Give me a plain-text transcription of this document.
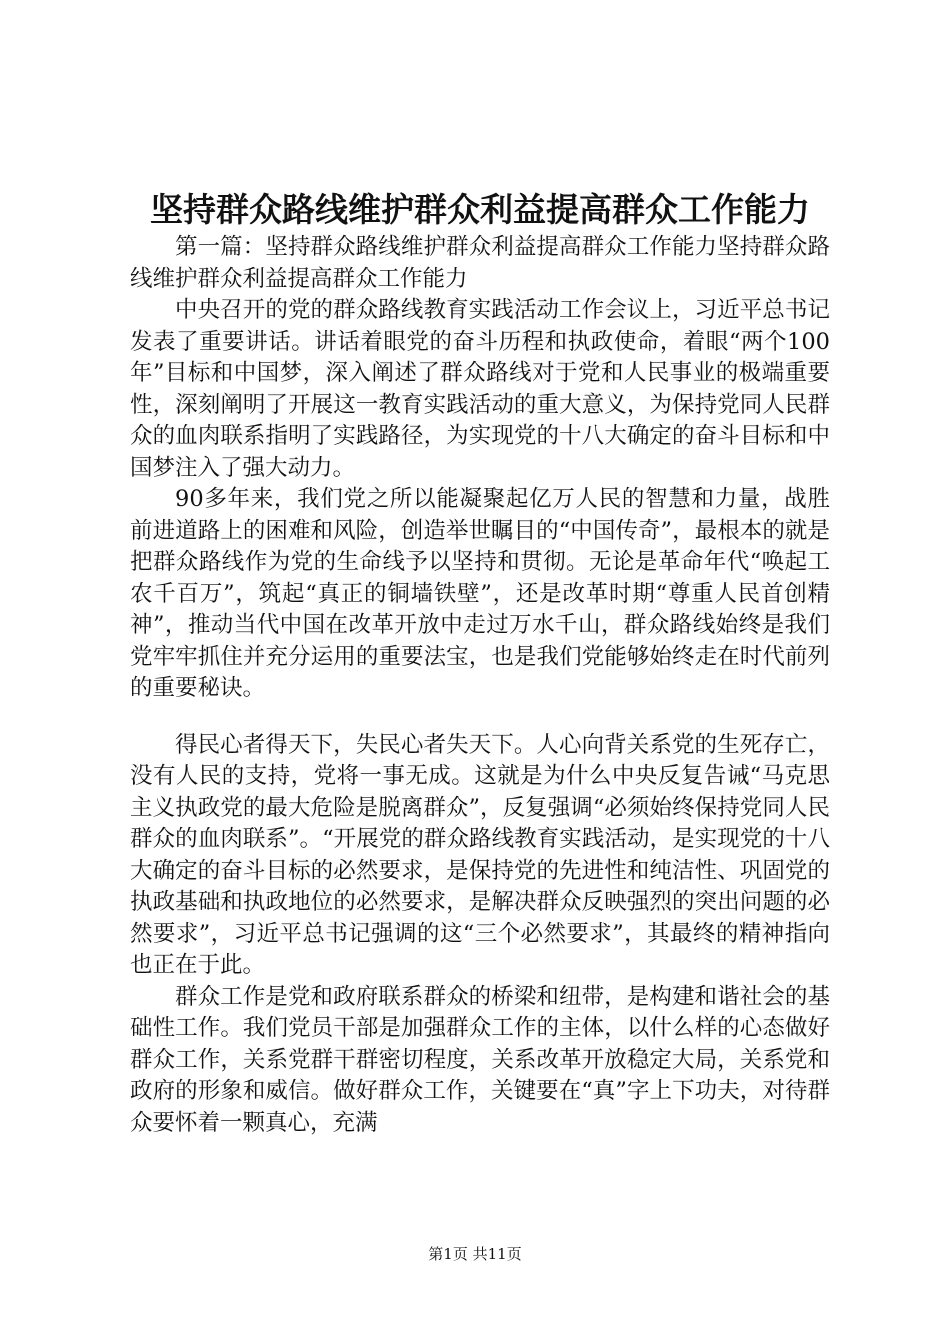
坚持群众路线维护群众利益提高群众工作能力

第一篇：坚持群众路线维护群众利益提高群众工作能力坚持群众路线维护群众利益提高群众工作能力

中央召开的党的群众路线教育实践活动工作会议上，习近平总书记发表了重要讲话。讲话着眼党的奋斗历程和执政使命，着眼“两个100年”目标和中国梦，深入阐述了群众路线对于党和人民事业的极端重要性，深刻阐明了开展这一教育实践活动的重大意义，为保持党同人民群众的血肉联系指明了实践路径，为实现党的十八大确定的奋斗目标和中国梦注入了强大动力。

90多年来，我们党之所以能凝聚起亿万人民的智慧和力量，战胜前进道路上的困难和风险，创造举世瞩目的“中国传奇”，最根本的就是把群众路线作为党的生命线予以坚持和贯彻。无论是革命年代“唤起工农千百万”，筑起“真正的铜墙铁壁”，还是改革时期“尊重人民首创精神”，推动当代中国在改革开放中走过万水千山，群众路线始终是我们党牢牢抓住并充分运用的重要法宝，也是我们党能够始终走在时代前列的重要秘诀。

得民心者得天下，失民心者失天下。人心向背关系党的生死存亡，没有人民的支持，党将一事无成。这就是为什么中央反复告诫“马克思主义执政党的最大危险是脱离群众”，反复强调“必须始终保持党同人民群众的血肉联系”。“开展党的群众路线教育实践活动，是实现党的十八大确定的奋斗目标的必然要求，是保持党的先进性和纯洁性、巩固党的执政基础和执政地位的必然要求，是解决群众反映强烈的突出问题的必然要求”，习近平总书记强调的这“三个必然要求”，其最终的精神指向也正在于此。

群众工作是党和政府联系群众的桥梁和纽带，是构建和谐社会的基础性工作。我们党员干部是加强群众工作的主体，以什么样的心态做好群众工作，关系党群干群密切程度，关系改革开放稳定大局，关系党和政府的形象和威信。做好群众工作，关键要在“真”字上下功夫，对待群众要怀着一颗真心，充满

第1页 共11页
